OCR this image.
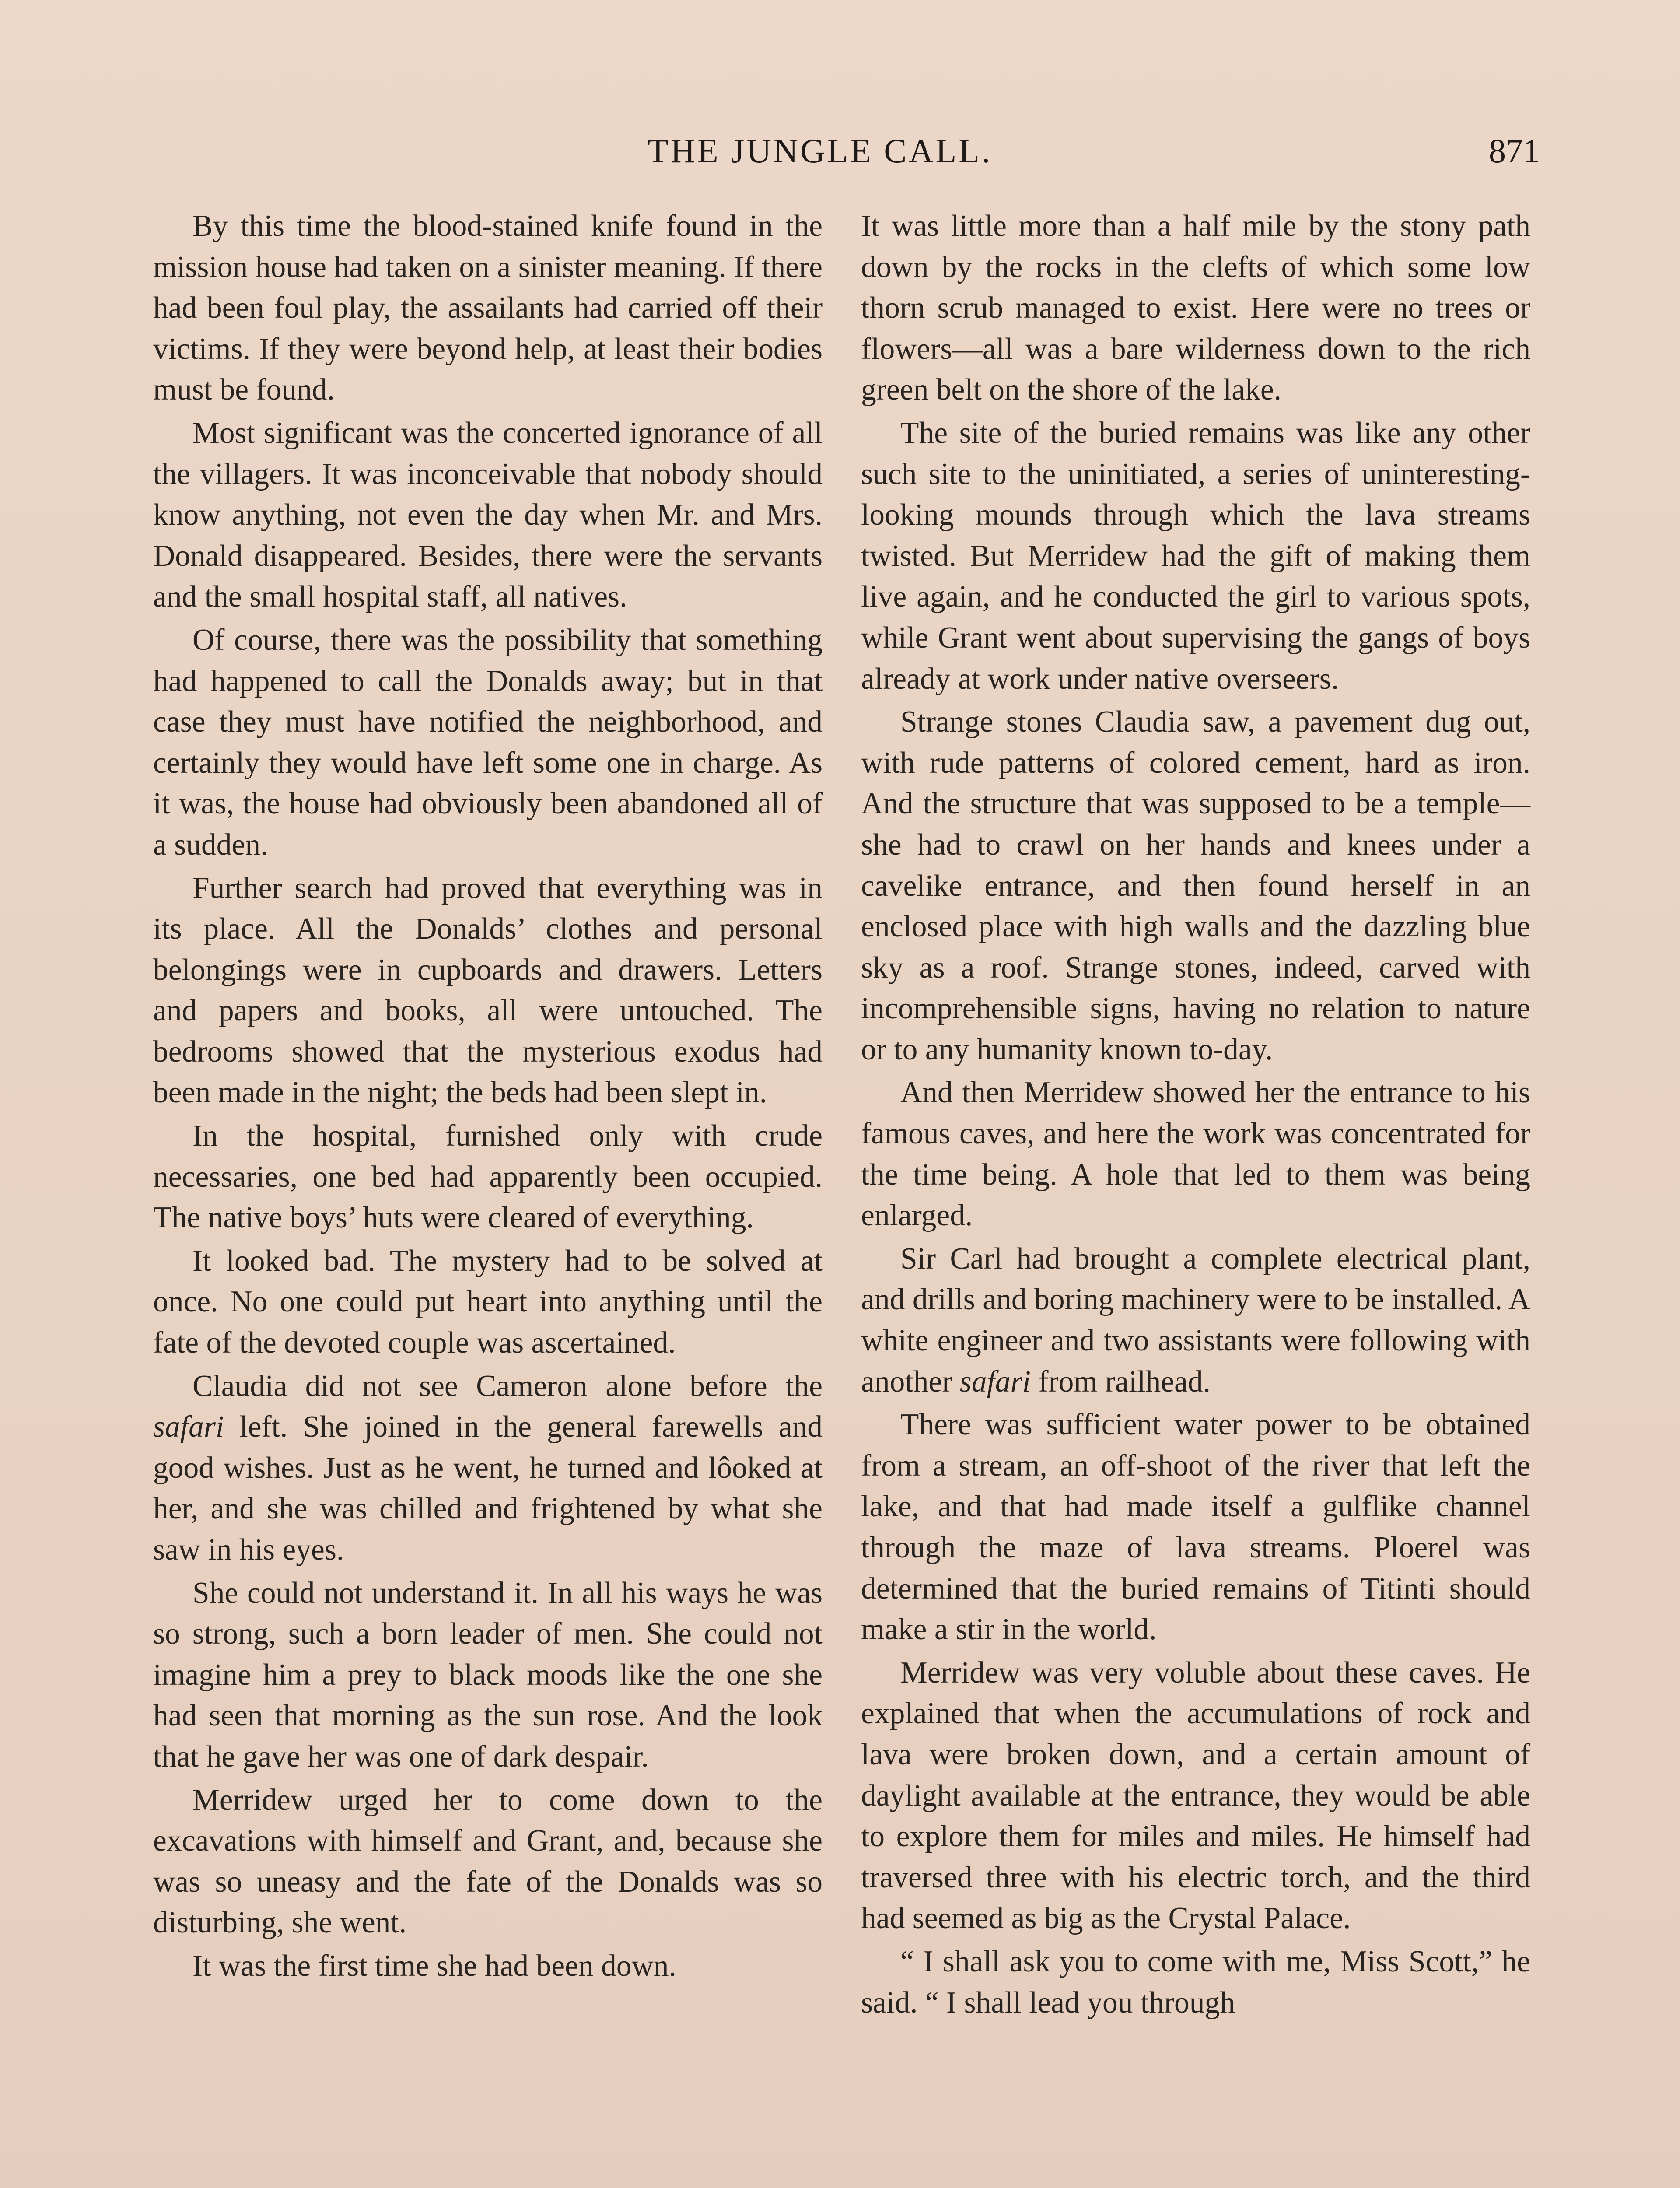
THE JUNGLE CALL.	871

By this time the blood-stained knife found in the mission house had taken on a sinister meaning. If there had been foul play, the assailants had carried off their victims. If they were beyond help, at least their bodies must be found.

Most significant was the concerted ignorance of all the villagers. It was inconceivable that nobody should know anything, not even the day when Mr. and Mrs. Donald disappeared. Besides, there were the servants and the small hospital staff, all natives.

Of course, there was the possibility that something had happened to call the Donalds away; but in that case they must have notified the neighborhood, and certainly they would have left some one in charge. As it was, the house had obviously been abandoned all of a sudden.

Further search had proved that everything was in its place. All the Donalds’ clothes and personal belongings were in cupboards and drawers. Letters and papers and books, all were untouched. The bedrooms showed that the mysterious exodus had been made in the night; the beds had been slept in.

In the hospital, furnished only with crude necessaries, one bed had apparently been occupied. The native boys’ huts were cleared of everything.

It looked bad. The mystery had to be solved at once. No one could put heart into anything until the fate of the devoted couple was ascertained.

Claudia did not see Cameron alone before the safari left. She joined in the general farewells and good wishes. Just as he went, he turned and lôoked at her, and she was chilled and frightened by what she saw in his eyes.

She could not understand it. In all his ways he was so strong, such a born leader of men. She could not imagine him a prey to black moods like the one she had seen that morning as the sun rose. And the look that he gave her was one of dark despair.

Merridew urged her to come down to the excavations with himself and Grant, and, because she was so uneasy and the fate of the Donalds was so disturbing, she went.

It was the first time she had been down.

It was little more than a half mile by the stony path down by the rocks in the clefts of which some low thorn scrub managed to exist. Here were no trees or flowers—all was a bare wilderness down to the rich green belt on the shore of the lake.

The site of the buried remains was like any other such site to the uninitiated, a series of uninteresting-looking mounds through which the lava streams twisted. But Merridew had the gift of making them live again, and he conducted the girl to various spots, while Grant went about supervising the gangs of boys already at work under native overseers.

Strange stones Claudia saw, a pavement dug out, with rude patterns of colored cement, hard as iron. And the structure that was supposed to be a temple—she had to crawl on her hands and knees under a cavelike entrance, and then found herself in an enclosed place with high walls and the dazzling blue sky as a roof. Strange stones, indeed, carved with incomprehensible signs, having no relation to nature or to any humanity known to-day.

And then Merridew showed her the entrance to his famous caves, and here the work was concentrated for the time being. A hole that led to them was being enlarged.

Sir Carl had brought a complete electrical plant, and drills and boring machinery were to be installed. A white engineer and two assistants were following with another safari from railhead.

There was sufficient water power to be obtained from a stream, an off-shoot of the river that left the lake, and that had made itself a gulflike channel through the maze of lava streams. Ploerel was determined that the buried remains of Titinti should make a stir in the world.

Merridew was very voluble about these caves. He explained that when the accumulations of rock and lava were broken down, and a certain amount of daylight available at the entrance, they would be able to explore them for miles and miles. He himself had traversed three with his electric torch, and the third had seemed as big as the Crystal Palace.

“ I shall ask you to come with me, Miss Scott,” he said. “ I shall lead you through
